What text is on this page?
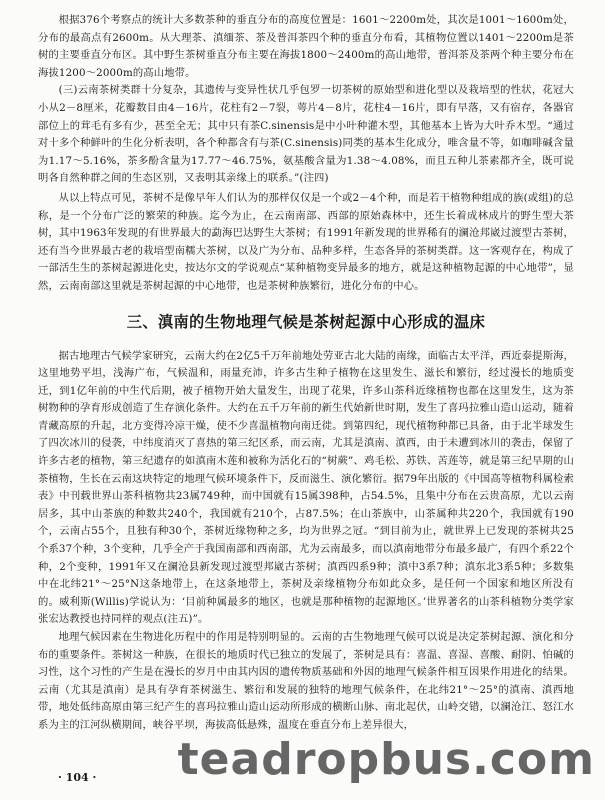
根据376个考察点的统计大多数茶种的垂直分布的高度位置是：1601～2200m处，其次是1001～1600m处，分布的最高点有2600m。从大理茶、滇缅茶、茶及普洱茶四个种的垂直分布看，其植物位置以1401～2200m是茶树的主要垂直分布区。其中野生茶树垂直分布主要在海拔1800～2400m的高山地带，普洱茶及茶两个种主要分布在海拔1200～2000m的高山地带。

(三)云南茶树类群十分复杂，其遗传与变异性状几乎包罗一切茶树的原始型和进化型以及栽培型的性状，花冠大小从2－8厘米，花瓣数目由4－16片，花柱有2－7裂，萼片4－8片，花柱4－16片，即有早落，又有宿存，各器官部位上的茸毛有多有少，甚至全无；其中只有茶C.sinensis是中小叶种灌木型，其他基本上皆为大叶乔木型。“通过对十多个种鲜叶的生化分析表明，各个种都含有与茶(C.sinensis)同类的基本生化成分，唯含量不等，如咖啡碱含量为1.17～5.16%，茶多酚含量为17.77～46.75%，氨基酸含量为1.38～4.08%，而且五种儿茶素都齐全，既可说明各自然种群之间的生态区别，又表明其亲缘上的联系。”(注四)

从以上特点可见，茶树不是像早年人们认为的那样仅仅是一个或2－4个种，而是若干植物种组成的族(或组)的总称，是一个分布广泛的繁荣的种族。迄今为止，在云南南部、西部的原始森林中，还生长着成林成片的野生型大茶树，其中1963年发现的有世界最大的勐海巴达野生大茶树；有1991年新发现的世界稀有的澜沧邦崴过渡型古茶树，还有当今世界最古老的栽培型南糯大茶树，以及广为分布、品种多样，生态各异的茶树类群。这一客观存在，构成了一部活生生的茶树起源进化史，按达尔文的学说观点“某种植物变异最多的地方，就是这种植物起源的中心地带”，显然，云南南部这里就是茶树起源的中心地带，也是茶树种族繁衍，进化分布的中心。

三、滇南的生物地理气候是茶树起源中心形成的温床

据古地理古气候学家研究，云南大约在2亿5千万年前地处劳亚古北大陆的南缘，面临古太平洋，西近泰提斯海，这里地势平坦，浅海广布，气候温和，雨量充沛，许多古生种子植物在这里发生、滋长和繁衍，经过漫长的地质变迁，到1亿年前的中生代后期，被子植物开始大量发生，出现了花果，许多山茶科近缘植物也都在这里发生，这为茶树物种的孕育形成创造了生存演化条件。大约在五千万年前的新生代始新世时期，发生了喜玛拉雅山造山运动，随着青藏高原的升起，北方变得冷凉干燥，使不少喜温植物向南迁徙。到第四纪，现代植物种都已具备，由于北半球发生了四次冰川的侵袭，中纬度消灭了喜热的第三纪区系，而云南，尤其是滇南、滇西，由于未遭到冰川的袭击，保留了许多古老的植物，第三纪遗存的如滇南木莲和被称为活化石的“树蕨”、鸡毛松、苏铁、苦莲等，就是第三纪早期的山茶植物，生长在云南这块特定的地理气候环境条件下，反而滋生、演化繁衍。据79年出版的《中国高等植物科属检索表》中刊载世界山茶科植物共23属749种，而中国就有15属398种，占54.5%，且集中分布在云贵高原，尤以云南居多，其中山茶族的种数共240个，我国就有210个，占87.5%；在山茶族中，山茶属种共220个，我国就有190个，云南占55个，且独有种30个，茶树近缘物种之多，均为世界之冠。“到目前为止，就世界上已发现的茶树共25个系37个种，3个变种，几乎全产于我国南部和西南部，尤为云南最多，而以滇南地带分布最多最广，有四个系22个种，2个变种，1991年又在澜沧县新发现过渡型邦崴古茶树；滇西四系9种；滇中3系7种；滇东北3系5种；多数集中在北纬21°～25°N这条地带上，在这条地带上，茶树及亲缘植物分布如此众多，是任何一个国家和地区所没有的。威利斯(Willis)学说认为：‘目前种属最多的地区，也就是那种植物的起源地区。’世界著名的山茶科植物分类学家张宏达教授也持同样的观点(注五)”。

地理气候因素在生物进化历程中的作用是特别明显的。云南的古生物地理气候可以说是决定茶树起源、演化和分布的重要条件。茶树这一种族，在很长的地质时代已独立的发展了，茶树是具有：喜温、喜湿、喜酸、耐阴、怕碱的习性，这个习性的产生是在漫长的岁月中由其内因的遗传物质基础和外因的地理气候条件相互因果作用进化的结果。云南（尤其是滇南）是具有孕育茶树滋生、繁衍和发展的独特的地理气候条件，在北纬21°～25°的滇南、滇西地带，地处低纬高原由第三纪产生的喜玛拉雅山造山运动所形成的横断山脉、南北起伏，山岭交错，以澜沧江、怒江水系为主的江河纵横期间，峡谷平坝，海拔高低悬殊，温度在垂直分布上差异很大，

· 104 · teadropbus.com
